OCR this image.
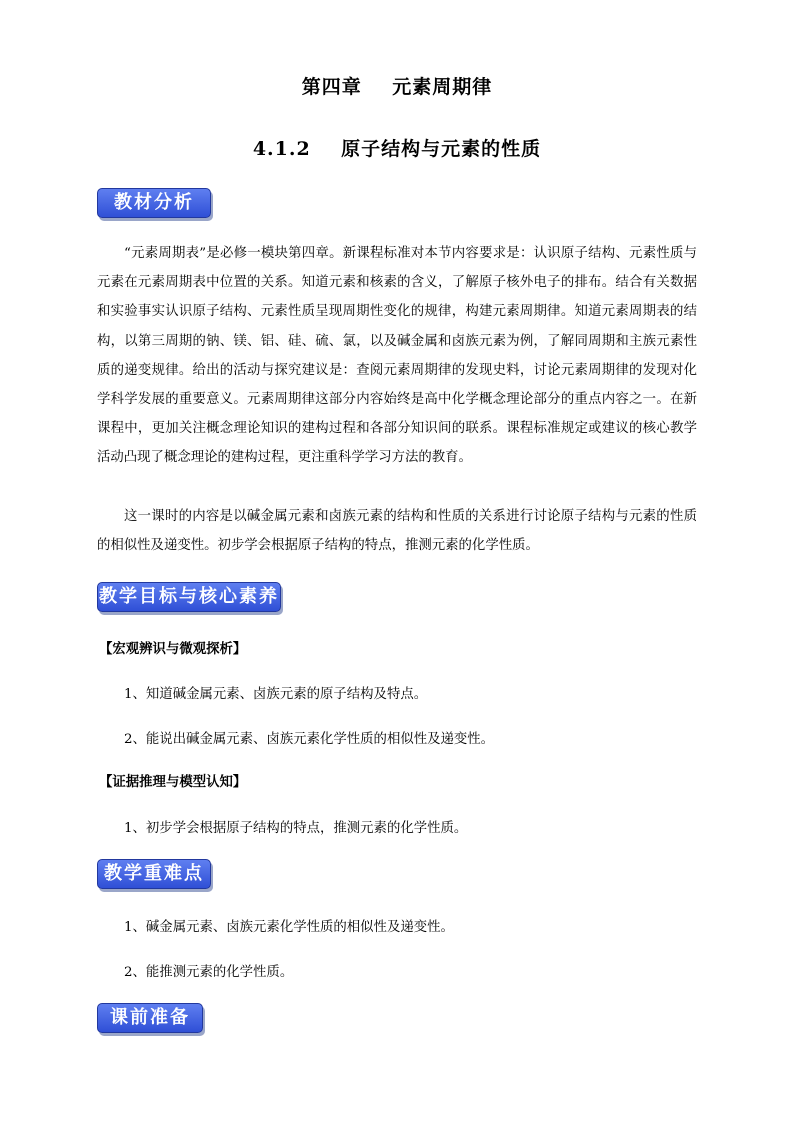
第四章    元素周期律
4.1.2    原子结构与元素的性质
教材分析

“元素周期表”是必修一模块第四章。新课程标准对本节内容要求是：认识原子结构、元素性质与元素在元素周期表中位置的关系。知道元素和核素的含义，了解原子核外电子的排布。结合有关数据和实验事实认识原子结构、元素性质呈现周期性变化的规律，构建元素周期律。知道元素周期表的结构，以第三周期的钠、镁、铝、硅、硫、氯，以及碱金属和卤族元素为例，了解同周期和主族元素性质的递变规律。给出的活动与探究建议是：查阅元素周期律的发现史料，讨论元素周期律的发现对化学科学发展的重要意义。元素周期律这部分内容始终是高中化学概念理论部分的重点内容之一。在新课程中，更加关注概念理论知识的建构过程和各部分知识间的联系。课程标准规定或建议的核心教学活动凸现了概念理论的建构过程，更注重科学学习方法的教育。

这一课时的内容是以碱金属元素和卤族元素的结构和性质的关系进行讨论原子结构与元素的性质的相似性及递变性。初步学会根据原子结构的特点，推测元素的化学性质。

教学目标与核心素养
【宏观辨识与微观探析】
1、知道碱金属元素、卤族元素的原子结构及特点。
2、能说出碱金属元素、卤族元素化学性质的相似性及递变性。
【证据推理与模型认知】
1、初步学会根据原子结构的特点，推测元素的化学性质。
教学重难点
1、碱金属元素、卤族元素化学性质的相似性及递变性。
2、能推测元素的化学性质。
课前准备
